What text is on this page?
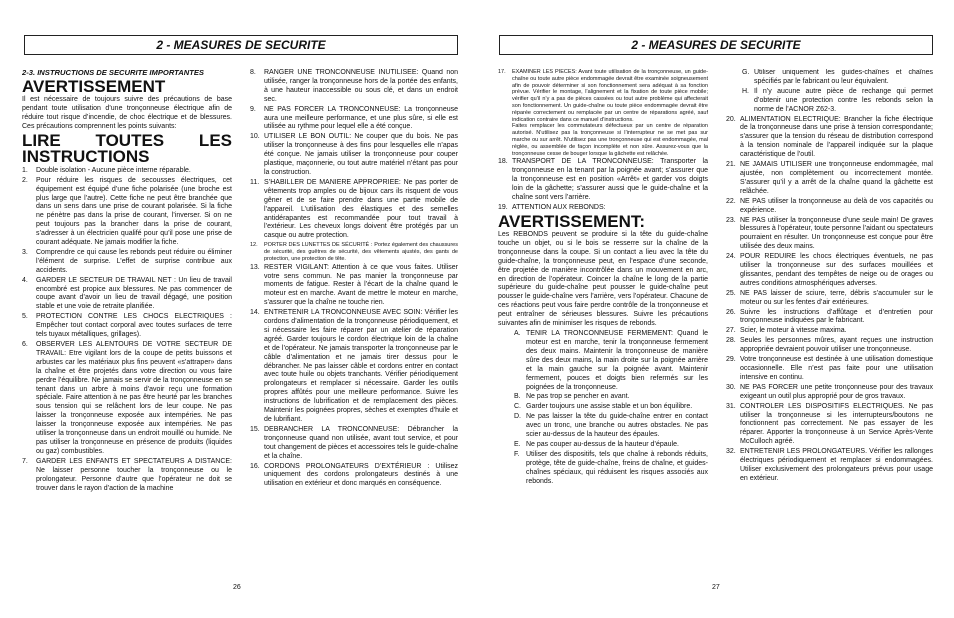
2 - MEASURES DE SECURITE	2 - MEASURES DE SECURITE

2-3. INSTRUCTIONS DE SECURITE IMPORTANTES

AVERTISSEMENT

Il est nécessaire de toujours suivre des précautions de base pendant toute utilisation d’une tronçonneuse électrique afin de réduire tout risque d’incendie, de choc électrique et de blessures. Ces précautions comprennent les points suivants:

LIRE TOUTES LES INSTRUCTIONS

1.	Double isolation - Aucune pièce interne réparable.
2.	Pour réduire les risques de secousses électriques, cet équipement est équipé d’une fiche polarisée (une broche est plus large que l’autre). Cette fiche ne peut être branchée que dans un sens dans une prise de courant polarisée. Si la fiche ne pénètre pas dans la prise de courant, l’inverser. Si on ne peut toujours pas la brancher dans la prise de courant, s’adresser à un électricien qualifé pour qu’il pose une prise de courant adéquate. Ne jamais modifier la fiche.
3.	Comprendre ce qui cause les rebonds peut réduire ou éliminer l’élément de surprise. L’effet de surprise contribue aux accidents.
4.	GARDER LE SECTEUR DE TRAVAIL NET : Un lieu de travail encombré est propice aux blessures. Ne pas commencer de coupe avant d’avoir un lieu de travail dégagé, une position stable et une voie de retraite planifiée.
5.	PROTECTION CONTRE LES CHOCS ELECTRIQUES : Empêcher tout contact corporal avec toutes surfaces de terre tels tuyaux métalliques, grillages).
6.	OBSERVER LES ALENTOURS DE VOTRE SECTEUR DE TRAVAIL: Etre vigilant lors de la coupe de petits buissons et arbustes car les matériaux plus fins peuvent «s’attraper» dans la chaîne et être projetés dans votre direction ou vous faire perdre l’équilibre. Ne jamais se servir de la tronçonneuse en se tenant dans un arbre à moins d’avoir reçu une formation spéciale. Faire attention à ne pas être heurté par les branches sous tension qui se relâchent lors de leur coupe. Ne pas laisser la tronçonneuse exposée aux intempéries. Ne pas laisser la tronçonneuse exposée aux intempéries. Ne pas utiliser la tronçonneuse dans un endroit mouillé ou humide. Ne pas utiliser la tronçonneuse en présence de produits (liquides ou gaz) combustibles.
7.	GARDER LES ENFANTS ET SPECTATEURS A DISTANCE: Ne laisser personne toucher la tronçonneuse ou le prolongateur. Personne d’autre que l’opérateur ne doit se trouver dans le rayon d’action de la machine
8.	RANGER UNE TRONCONNEUSE INUTILISEE: Quand non utilisée, ranger la tronçonneuse hors de la portée des enfants, à une hauteur inaccessible ou sous clé, et dans un endroit sec.
9.	NE PAS FORCER LA TRONCONNEUSE: La tronçonneuse aura une meilleure performance, et une plus sûre, si elle est utilisée au rythme pour lequel elle a été conçue.
10. UTILISER LE BON OUTIL: Ne couper que du bois. Ne pas utiliser la tronçonneuse à des fins pour lesquelles elle n’apas été conçue. Ne jamais utiliser la tronçonneuse pour couper plastique, maçonnerie, ou tout autre matériel n’étant pas pour la construction.
11. S’HABILLER DE MANIERE APPROPRIEE: Ne pas porter de vêtements trop amples ou de bijoux cars ils risquent de vous gêner et de se faire prendre dans une partie mobile de l’appareil. L’utilisation des élastiques et des semelles antidérapantes est recommandée pour tout travail à l’extérieur. Les cheveux longs doivent être protégés par un casque ou autre protection.
12.	PORTER DES LUNETTES DE SÉCURITÉ : Portez également des chaussures de sécurité, des guêtres de sécurité, des vêtements ajustés, des gants de protection, une protection de tête.
13. RESTER VIGILANT: Attention à ce que vous faites. Utiliser votre sens commun. Ne pas manier la tronçonneuse par moments de fatigue. Rester à l’écart de la chaîne quand le moteur est en marche. Avant de mettre le moteur en marche, s’assurer que la chaîne ne touche rien.
14. ENTRETENIR LA TRONCONNEUSE AVEC SOIN: Vérifier les cordons d’alimentation de la tronçonneuse périodiquement, et si nécessaire les faire réparer par un atelier de réparation agréé. Garder toujours le cordon électrique loin de la chaîne et de l’opérateur. Ne jamais transporter la tronçonneuse par le câble d’alimentation et ne jamais tirer dessus pour le débrancher. Ne pas laisser câble et cordons entrer en contact avec toute huile ou objets tranchants. Vérifier périodiquement prolongateurs et remplacer si nécessaire. Garder les outils propres affûtés pour une meilleure performance. Suivre les instructions de lubrification et de remplacement des pièces. Maintenir les poignées propres, sèches et exemptes d’huile et de lubrifiant.
15. DEBRANCHER LA TRONCONNEUSE: Débrancher la tronçonneuse quand non utilisée, avant tout service, et pour tout changement de pièces et accessoires tels le guide-chaîne et la chaîne.
16. CORDONS PROLONGATEURS D’EXTÉRIEUR : Utilisez uniquement des cordons prolongateurs destinés à une utilisation en extérieur et donc marqués en conséquence.
26
17.	EXAMINER LES PIECES: Avant toute utilisation de la tronçonneuse, un guide-chaîne ou toute autre pièce endommagée devrait être examinée soigneusement afin de pouvoir déterminer si son fonctionnement sera adéquat à sa fonction prévue. Vérifier le montage, l’alignement et la fixation de toute pièce mobile; vérifier qu’il n’y a pas de pièces cassées ou tout autre problème qui affecterait son fonctionnement. Un guide-chaîne ou toute pièce endommagée devrait être réparée correctement ou remplacée par un centre de réparations agréé, sauf indication contraire dans ce manuel d’instructions.
Faites remplacer les commutateurs défectueux par un centre de réparation autorisé. N’utilisez pas la tronçonneuse si l’interrupteur ne se met pas sur marche ou sur arrêt. N’utilisez pas une tronçonneuse qui est endommagée, mal réglée, ou assemblée de façon incomplète et non sûre. Assurez-vous que la tronçonneuse cesse de bouger lorsque la gâchette est relâchée.
18. TRANSPORT DE LA TRONCONNEUSE: Transporter la tronçonneuse en la tenant par la poignée avant; s’assurer que la tronçonneuse est en position «Arrêt» et garder vos doigts loin de la gâchette; s’assurer aussi que le guide-chaîne et la chaîne sont vers l’arrière.
19. ATTENTION AUX REBONDS:

AVERTISSEMENT:

Les REBONDS peuvent se produire si la tête du guide-chaîne touche un objet, ou si le bois se resserre sur la chaîne de la tronçonneuse dans la coupe. Si un contact a lieu avec la tête du guide-chaîne, la tronçonneuse peut, en l’espace d’une seconde, être projetée de manière incontrôlée dans un mouvement en arc, en direction de l’opérateur. Coincer la chaîne le long de la partie supérieure du guide-chaîne peut pousser le guide-chaîne peut pousser le guide-chaîne vers l’arrière, vers l’opérateur. Chacune de ces réactions peut vous faire perdre contrôle de la tronçonneuse et peut entraîner de sérieuses blessures. Suivre les précautions suivantes afin de minimiser les risques de rebonds.

A. TENIR LA TRONCONNEUSE FERMEMENT: Quand le moteur est en marche, tenir la tronçonneuse fermement des deux mains. Maintenir la tronçonneuse de manière sûre des deux mains, la main droite sur la poignée arrière et la main gauche sur la poignée avant. Maintenir fermement, pouces et doigts bien refermés sur les poignées de la tronçonneuse.
B. Ne pas trop se pencher en avant.
C. Garder toujours une assise stable et un bon équilibre.
D. Ne pas laisser la tête du guide-chaîne entrer en contact avec un tronc, une branche ou autres obstacles. Ne pas scier au-dessus de la hauteur des épaules.
E. Ne pas couper au-dessus de la hauteur d’épaule.
F. Utiliser des dispositifs, tels que chaîne à rebonds réduits, protège, tête de guide-chaîne, freins de chaîne, et guides-chaînes spéciaux, qui réduisent les risques associés aux rebonds.
G. Utiliser uniquement les guides-chaînes et chaînes spécifiés par le fabricant ou leur équivalent.
H. Il n’y aucune autre pièce de rechange qui permet d’obtenir une protection contre les rebonds selon la norme de l’ACNOR Z62-3.
20. ALIMENTATION ELECTRIQUE: Brancher la fiche électrique de la tronçonneuse dans une prise à tension correspondante; s’assurer que la tension du réseau de distribution correspond à la tension nominale de l’appareil indiquée sur la plaque caractéristique de l’outil.
21. NE JAMAIS UTILISER une tronçonneuse endommagée, mal ajustée, non complètement ou incorrectement montée. S’assurer qu’il y a arrêt de la chaîne quand la gâchette est relâchée.
22. NE PAS utiliser la tronçonneuse au delà de vos capacités ou expérience.
23. NE PAS utiliser la tronçonneuse d’une seule main! De graves blessures à l’opérateur, toute personne l’aidant ou spectateurs pourraient en résulter. Un tronçonneuse est conçue pour être utilisée des deux mains.
24. POUR REDUIRE les chocs électriques éventuels, ne pas utiliser la tronçonneuse sur des surfaces mouillées et glissantes, pendant des tempêtes de neige ou de orages ou autres conditions atmosphériques adverses.
25. NE PAS laisser de sciure, terre, débris s’accumuler sur le moteur ou sur les fentes d’air extérieures.
26. Suivre les instructions d’affûtage et d’entretien pour tronçonneuse indiquées par le fabricant.
27. Scier, le moteur à vitesse maxima.
28. Seules les personnes mûres, ayant reçues une instruction appropriée devraient pouvoir utiliser une tronçonneuse.
29. Votre tronçonneuse est destinée à une utilisation domestique occasionnelle. Elle n’est pas faite pour une utilisation intensive en continu.
30. NE PAS FORCER une petite tronçonneuse pour des travaux exigeant un outil plus approprié pour de gros travaux.
31. CONTROLER LES DISPOSITIFS ELECTRIQUES. Ne pas utiliser la tronçonneuse si les interrupteurs/boutons ne fonctionnent pas correctement. Ne pas essayer de les réparer. Apporter la tronçonneuse à un Service Après-Vente McCulloch agréé.
32. ENTRETENIR LES PROLONGATEURS. Vérifier les rallonges électriques périodiquement et remplacer si endommagées. Utiliser exclusivement des prolongateurs prévus pour usage en extérieur.
27
